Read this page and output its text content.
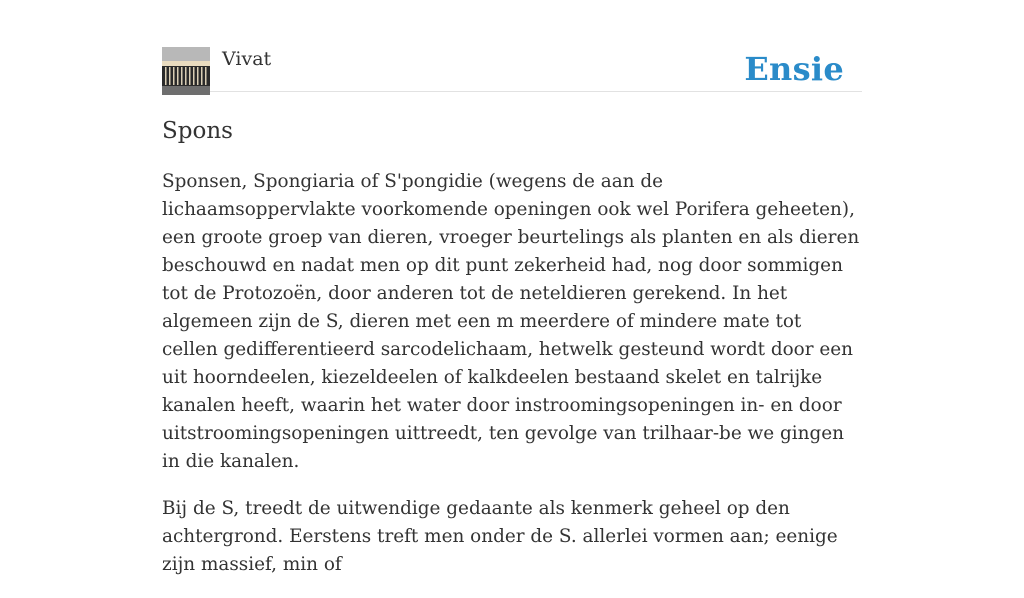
Vivat	Ensie
Spons

Sponsen, Spongiaria of S'pongidie (wegens de aan de lichaamsoppervlakte voorkomende openingen ook wel Porifera geheeten), een groote groep van dieren, vroeger beurtelings als planten en als dieren beschouwd en nadat men op dit punt zekerheid had, nog door sommigen tot de Protozoën, door anderen tot de neteldieren gerekend. In het algemeen zijn de S, dieren met een m meerdere of mindere mate tot cellen gedifferentieerd sarcodelichaam, hetwelk gesteund wordt door een uit hoorndeelen, kiezeldeelen of kalkdeelen bestaand skelet en talrijke kanalen heeft, waarin het water door instroomingsopeningen in- en door uitstroomingsopeningen uittreedt, ten gevolge van trilhaar-be we gingen in die kanalen.

Bij de S, treedt de uitwendige gedaante als kenmerk geheel op den achtergrond. Eerstens treft men onder de S. allerlei vormen aan; eenige zijn massief, min of
